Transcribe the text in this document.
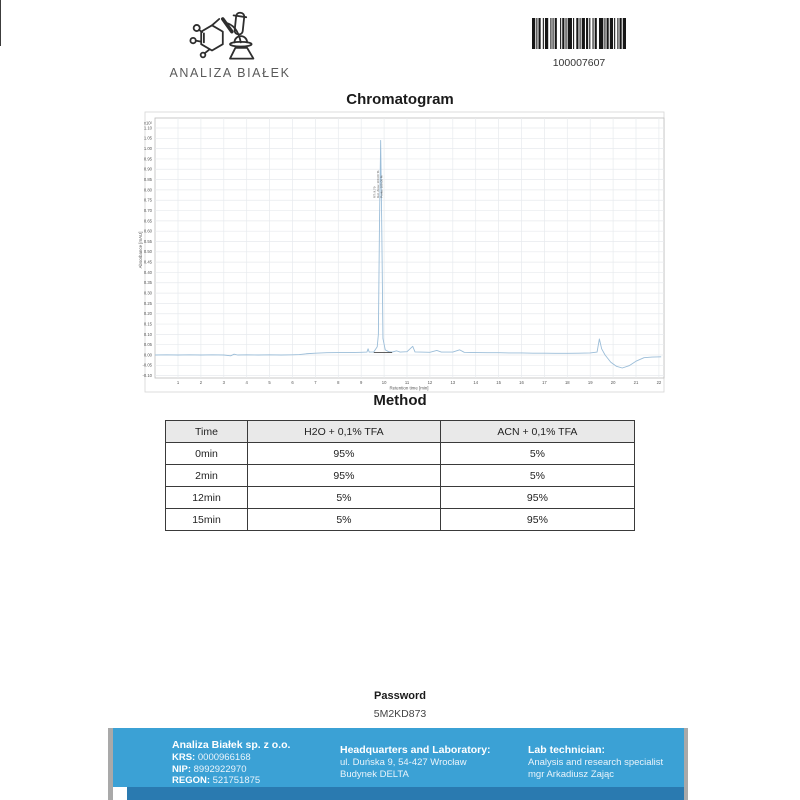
ANALIZA BIAŁEK
100007607
Chromatogram
1	2	3	4	5	6	7	8	9	10	11	12	13	14	15	16	17	18	19	20	21	22
1.10
1.05
1.00
0.95
0.90
0.85
0.80
0.75
0.70
0.65
0.60
0.55
0.50
0.45
0.40
0.35
0.30
0.25
0.20
0.15
0.10
0.05
0.00
-0.05
-0.10
x10²
Retention time [min]
Absorbance [mAU]
RT: 9.79 Rel. Area: 100.00 % Purity: 100.00 %
Method
Time	H2O + 0,1% TFA	ACN + 0,1% TFA
0min	95%	5%
2min	95%	5%
12min	5%	95%
15min	5%	95%
Password
5M2KD873
Analiza Białek sp. z o.o.
KRS: 0000966168
NIP: 8992922970
REGON: 521751875
Headquarters and Laboratory:
ul. Duńska 9, 54-427 Wrocław
Budynek DELTA
Lab technician:
Analysis and research specialist
mgr Arkadiusz Zając
